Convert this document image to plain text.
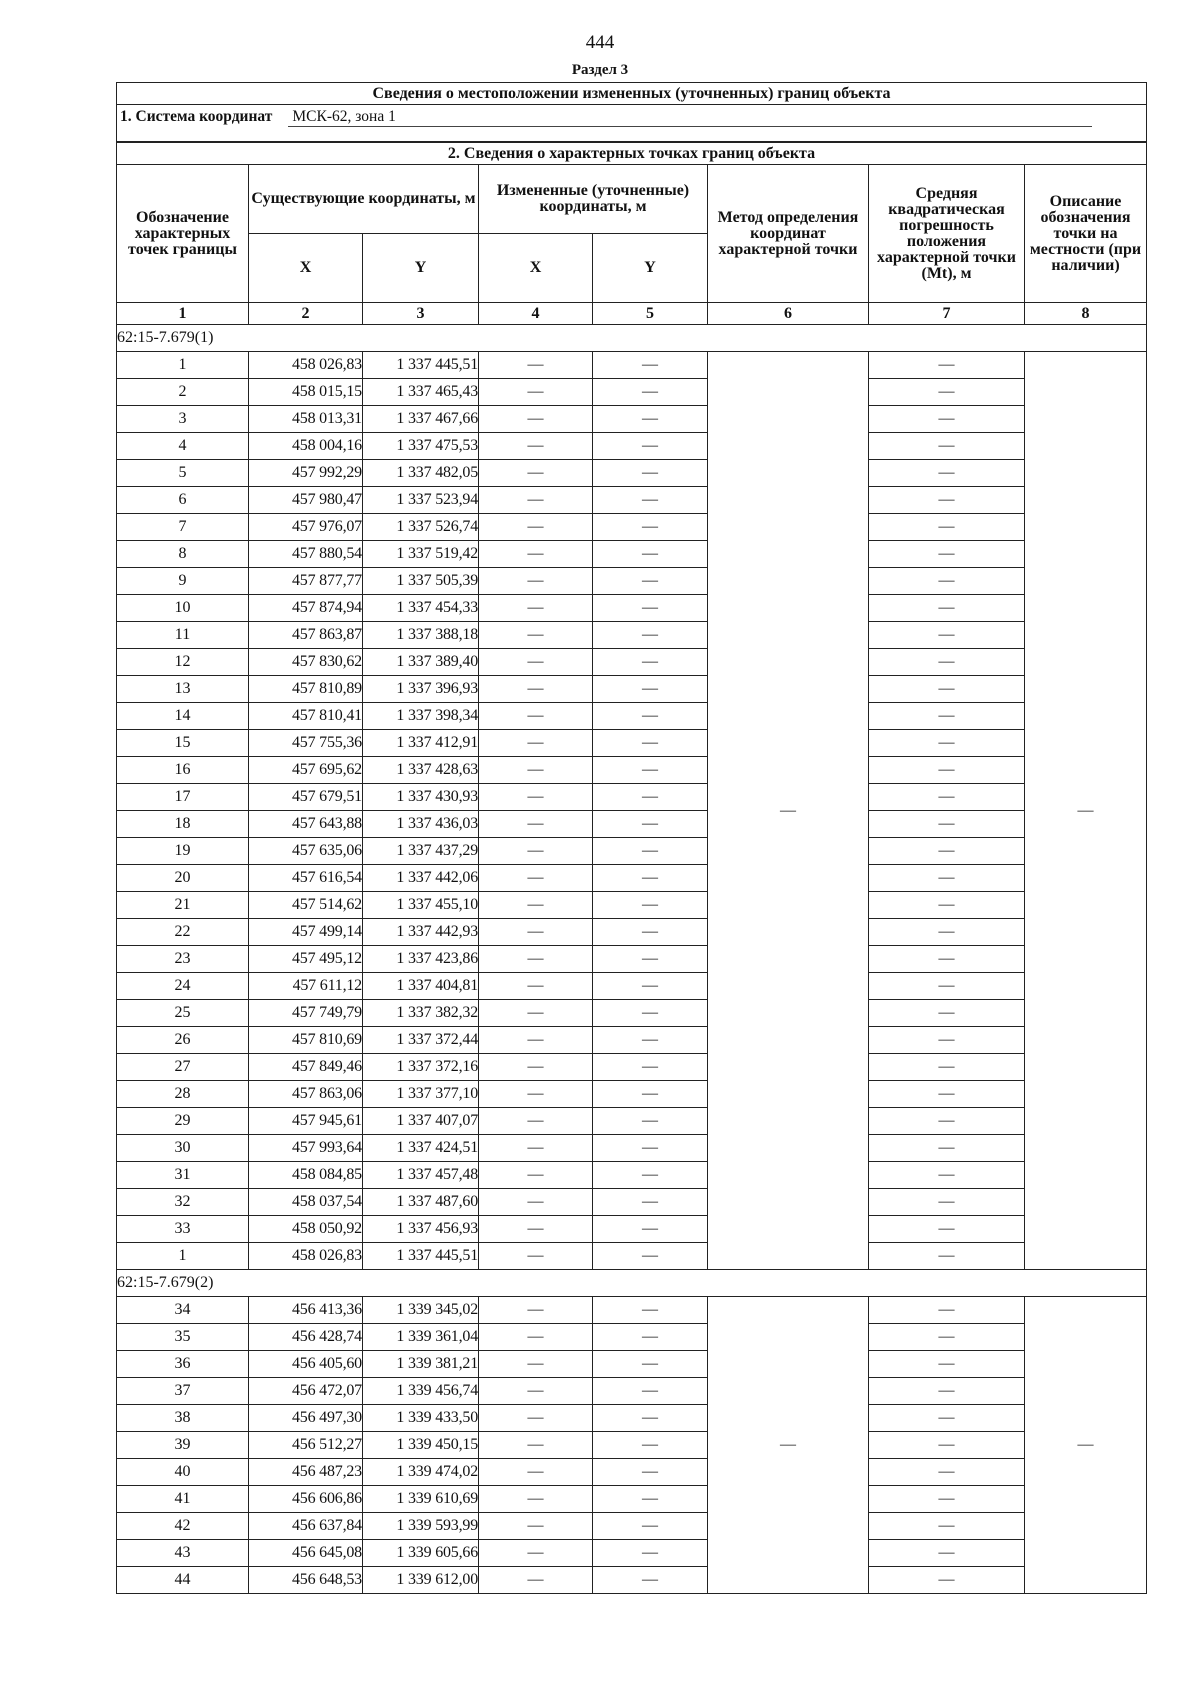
444
Раздел 3
Сведения о местоположении измененных (уточненных) границ объекта							
1. Система координат МСК-62, зона 1							
2. Сведения о характерных точках границ объекта							
Обозначение характерных точек границы	Существующие координаты, м		Измененные (уточненные) координаты, м		Метод определения координат характерной точки	Средняя квадратическая погрешность положения характерной точки (Mt), м	Описание обозначения точки на местности (при наличии)
	X	Y	X	Y			
1	2	3	4	5	6	7	8
62:15-7.679(1)							
1	458 026,83	1 337 445,51	—	—	—	—	—
2	458 015,15	1 337 465,43	—	—		—	
3	458 013,31	1 337 467,66	—	—		—	
4	458 004,16	1 337 475,53	—	—		—	
5	457 992,29	1 337 482,05	—	—		—	
6	457 980,47	1 337 523,94	—	—		—	
7	457 976,07	1 337 526,74	—	—		—	
8	457 880,54	1 337 519,42	—	—		—	
9	457 877,77	1 337 505,39	—	—		—	
10	457 874,94	1 337 454,33	—	—		—	
11	457 863,87	1 337 388,18	—	—		—	
12	457 830,62	1 337 389,40	—	—		—	
13	457 810,89	1 337 396,93	—	—		—	
14	457 810,41	1 337 398,34	—	—		—	
15	457 755,36	1 337 412,91	—	—		—	
16	457 695,62	1 337 428,63	—	—		—	
17	457 679,51	1 337 430,93	—	—		—	
18	457 643,88	1 337 436,03	—	—		—	
19	457 635,06	1 337 437,29	—	—		—	
20	457 616,54	1 337 442,06	—	—		—	
21	457 514,62	1 337 455,10	—	—		—	
22	457 499,14	1 337 442,93	—	—		—	
23	457 495,12	1 337 423,86	—	—		—	
24	457 611,12	1 337 404,81	—	—		—	
25	457 749,79	1 337 382,32	—	—		—	
26	457 810,69	1 337 372,44	—	—		—	
27	457 849,46	1 337 372,16	—	—		—	
28	457 863,06	1 337 377,10	—	—		—	
29	457 945,61	1 337 407,07	—	—		—	
30	457 993,64	1 337 424,51	—	—		—	
31	458 084,85	1 337 457,48	—	—		—	
32	458 037,54	1 337 487,60	—	—		—	
33	458 050,92	1 337 456,93	—	—		—	
1	458 026,83	1 337 445,51	—	—		—	
62:15-7.679(2)							
34	456 413,36	1 339 345,02	—	—	—	—	—
35	456 428,74	1 339 361,04	—	—		—	
36	456 405,60	1 339 381,21	—	—		—	
37	456 472,07	1 339 456,74	—	—		—	
38	456 497,30	1 339 433,50	—	—		—	
39	456 512,27	1 339 450,15	—	—		—	
40	456 487,23	1 339 474,02	—	—		—	
41	456 606,86	1 339 610,69	—	—		—	
42	456 637,84	1 339 593,99	—	—		—	
43	456 645,08	1 339 605,66	—	—		—	
44	456 648,53	1 339 612,00	—	—		—	
